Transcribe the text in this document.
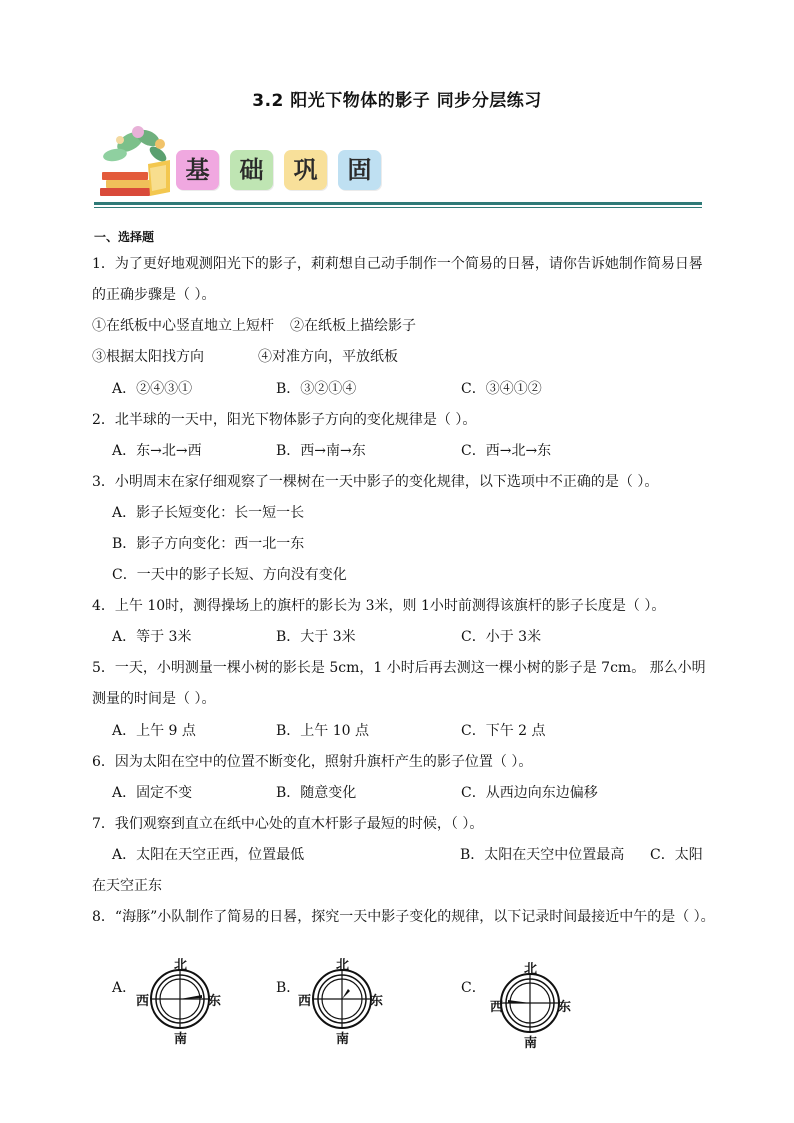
3.2 阳光下物体的影子 同步分层练习
基	础	巩	固
一、选择题
1．为了更好地观测阳光下的影子，莉莉想自己动手制作一个简易的日晷，请你告诉她制作简易日晷
的正确步骤是（ ）。
①在纸板中心竖直地立上短杆 ②在纸板上描绘影子
③根据太阳找方向	④对准方向，平放纸板
A．②④③①	B．③②①④	C．③④①②
2．北半球的一天中，阳光下物体影子方向的变化规律是（ ）。
A．东→北→西	B．西→南→东	C．西→北→东
3．小明周末在家仔细观察了一棵树在一天中影子的变化规律，以下选项中不正确的是（ ）。
A．影子长短变化：长一短一长
B．影子方向变化：西一北一东
C．一天中的影子长短、方向没有变化
4．上午 10时，测得操场上的旗杆的影长为 3米，则 1小时前测得该旗杆的影子长度是（ ）。
A．等于 3米	B．大于 3米	C．小于 3米
5．一天，小明测量一棵小树的影长是 5cm，1 小时后再去测这一棵小树的影子是 7cm。 那么小明
测量的时间是（ ）。
A．上午 9 点	B．上午 10 点	C．下午 2 点
6．因为太阳在空中的位置不断变化，照射升旗杆产生的影子位置（ ）。
A．固定不变	B．随意变化	C．从西边向东边偏移
7．我们观察到直立在纸中心处的直木杆影子最短的时候，（ ）。
A．太阳在天空正西，位置最低	B．太阳在天空中位置最高 C．太阳
在天空正东
8．“海豚”小队制作了简易的日晷，探究一天中影子变化的规律，以下记录时间最接近中午的是（ ）。
A．
北
南
西	东
B．
北
南
西	东
C．
北
南
西	东
